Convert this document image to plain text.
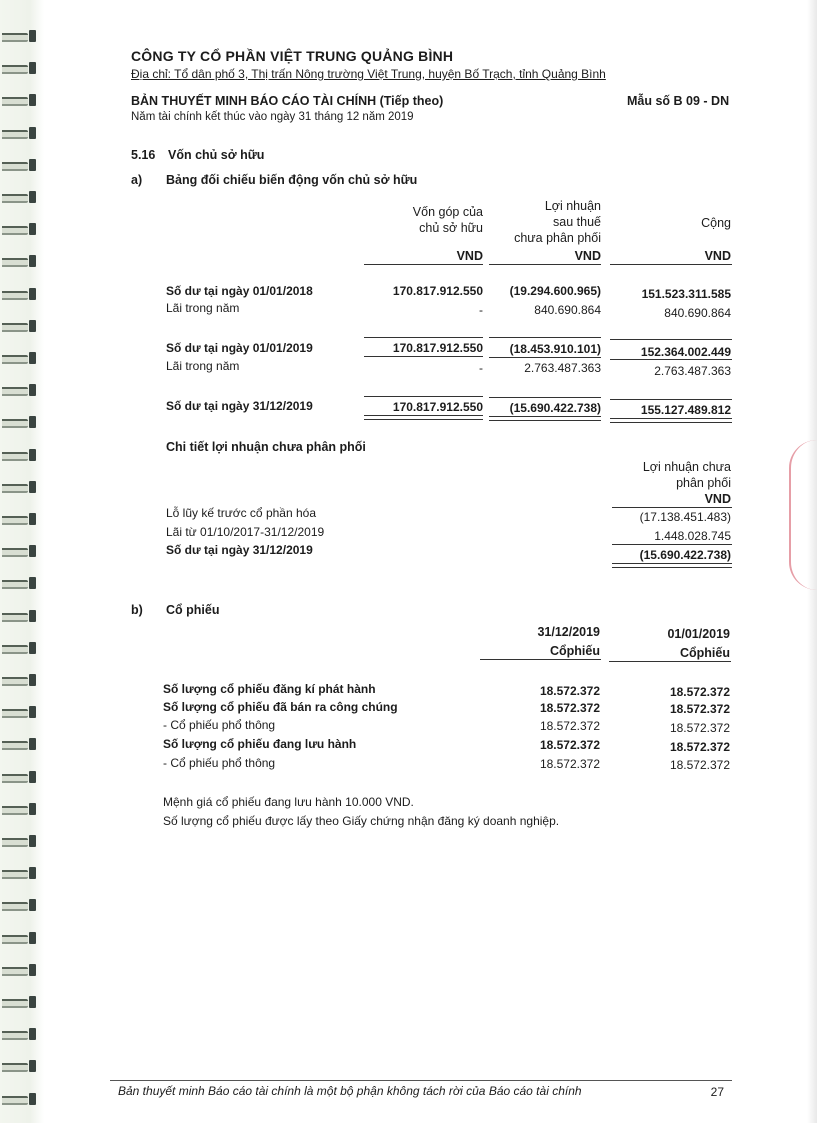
CÔNG TY CỔ PHẦN VIỆT TRUNG QUẢNG BÌNH
Địa chỉ: Tổ dân phố 3, Thị trấn Nông trường Việt Trung, huyện Bố Trạch, tỉnh Quảng Bình
BẢN THUYẾT MINH BÁO CÁO TÀI CHÍNH (Tiếp theo)	Mẫu số B 09 - DN
Năm tài chính kết thúc vào ngày 31 tháng 12 năm 2019
5.16 Vốn chủ sở hữu
a) Bảng đối chiếu biến động vốn chủ sở hữu
Vốn góp của
chủ sở hữu
Lợi nhuận
sau thuế
chưa phân phối
Cộng
VND	VND	VND
Số dư tại ngày 01/01/2018	170.817.912.550 (19.294.600.965)	151.523.311.585
Lãi trong năm	-	840.690.864	840.690.864
Số dư tại ngày 01/01/2019	170.817.912.550 (18.453.910.101)	152.364.002.449
Lãi trong năm	-	2.763.487.363	2.763.487.363
Số dư tại ngày 31/12/2019	170.817.912.550 (15.690.422.738)	155.127.489.812
Chi tiết lợi nhuận chưa phân phối
Lợi nhuận chưa
phân phối
VND
Lỗ lũy kế trước cổ phần hóa	(17.138.451.483)
Lãi từ 01/10/2017-31/12/2019	1.448.028.745
Số dư tại ngày 31/12/2019	(15.690.422.738)
b) Cổ phiếu
31/12/2019	01/01/2019
Cổphiếu	Cổphiếu
Số lượng cổ phiếu đăng kí phát hành	18.572.372	18.572.372
Số lượng cổ phiếu đã bán ra công chúng	18.572.372	18.572.372
- Cổ phiếu phổ thông	18.572.372	18.572.372
Số lượng cổ phiếu đang lưu hành	18.572.372	18.572.372
- Cổ phiếu phổ thông	18.572.372	18.572.372
Mệnh giá cổ phiếu đang lưu hành 10.000 VND.
Số lượng cổ phiếu được lấy theo Giấy chứng nhận đăng ký doanh nghiệp.
Bản thuyết minh Báo cáo tài chính là một bộ phận không tách rời của Báo cáo tài chính	27
